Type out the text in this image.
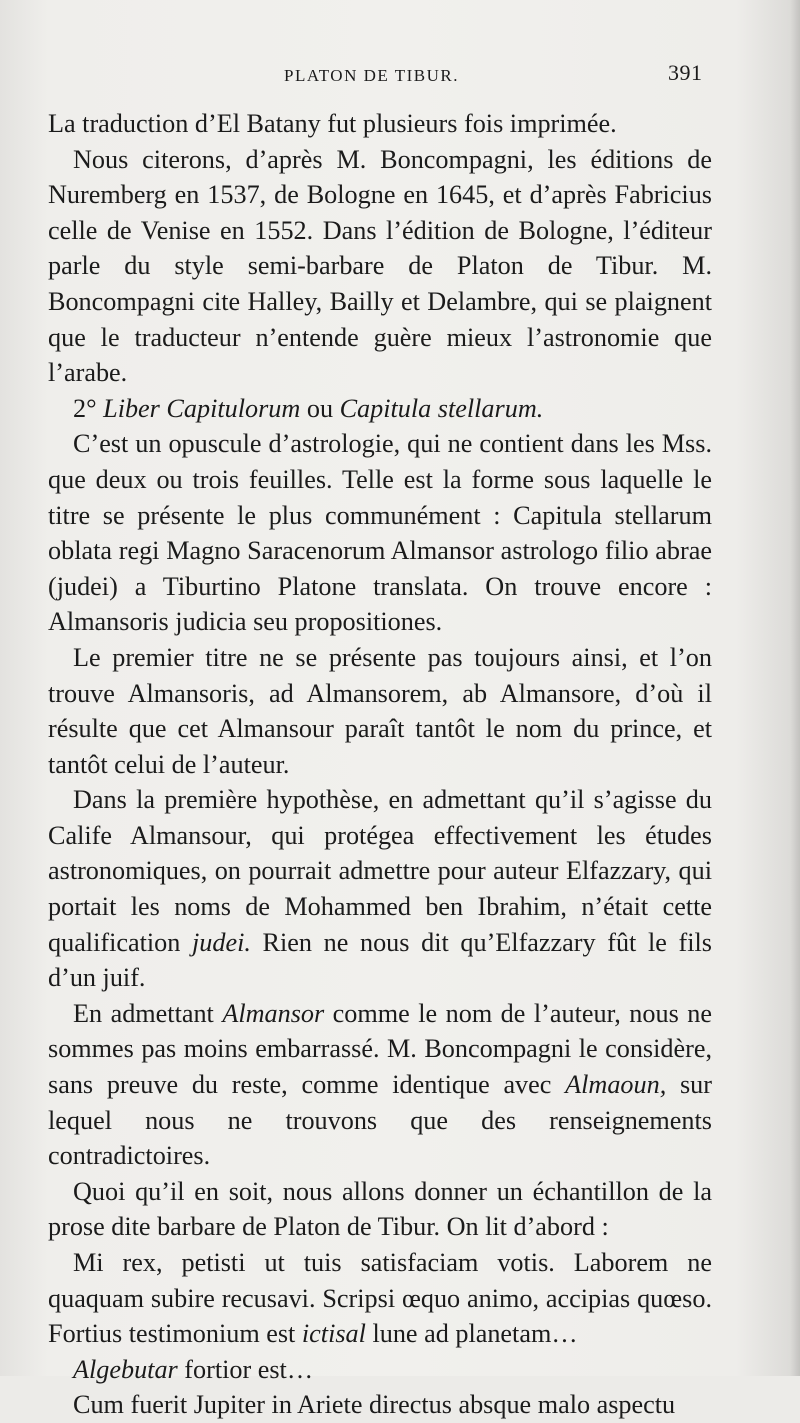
PLATON DE TIBUR.	391

La traduction d’El Batany fut plusieurs fois imprimée.

Nous citerons, d’après M. Boncompagni, les éditions de Nuremberg en 1537, de Bologne en 1645, et d’après Fabricius celle de Venise en 1552. Dans l’édition de Bologne, l’éditeur parle du style semi-barbare de Platon de Tibur. M. Boncompagni cite Halley, Bailly et Delambre, qui se plaignent que le traducteur n’entende guère mieux l’astronomie que l’arabe.

2° Liber Capitulorum ou Capitula stellarum.

C’est un opuscule d’astrologie, qui ne contient dans les Mss. que deux ou trois feuilles. Telle est la forme sous laquelle le titre se présente le plus communément : Capitula stellarum oblata regi Magno Saracenorum Almansor astrologo filio abrae (judei) a Tiburtino Platone translata. On trouve encore : Almansoris judicia seu propositiones.

Le premier titre ne se présente pas toujours ainsi, et l’on trouve Almansoris, ad Almansorem, ab Almansore, d’où il résulte que cet Almansour paraît tantôt le nom du prince, et tantôt celui de l’auteur.

Dans la première hypothèse, en admettant qu’il s’agisse du Calife Almansour, qui protégea effectivement les études astronomiques, on pourrait admettre pour auteur Elfazzary, qui portait les noms de Mohammed ben Ibrahim, n’était cette qualification judei. Rien ne nous dit qu’Elfazzary fût le fils d’un juif.

En admettant Almansor comme le nom de l’auteur, nous ne sommes pas moins embarrassé. M. Boncompagni le considère, sans preuve du reste, comme identique avec Almaoun, sur lequel nous ne trouvons que des renseignements contradictoires.

Quoi qu’il en soit, nous allons donner un échantillon de la prose dite barbare de Platon de Tibur. On lit d’abord :

Mi rex, petisti ut tuis satisfaciam votis. Laborem ne quaquam subire recusavi. Scripsi œquo animo, accipias quœso. Fortius testimonium est ictisal lune ad planetam…

Algebutar fortior est…

Cum fuerit Jupiter in Ariete directus absque malo aspectu
